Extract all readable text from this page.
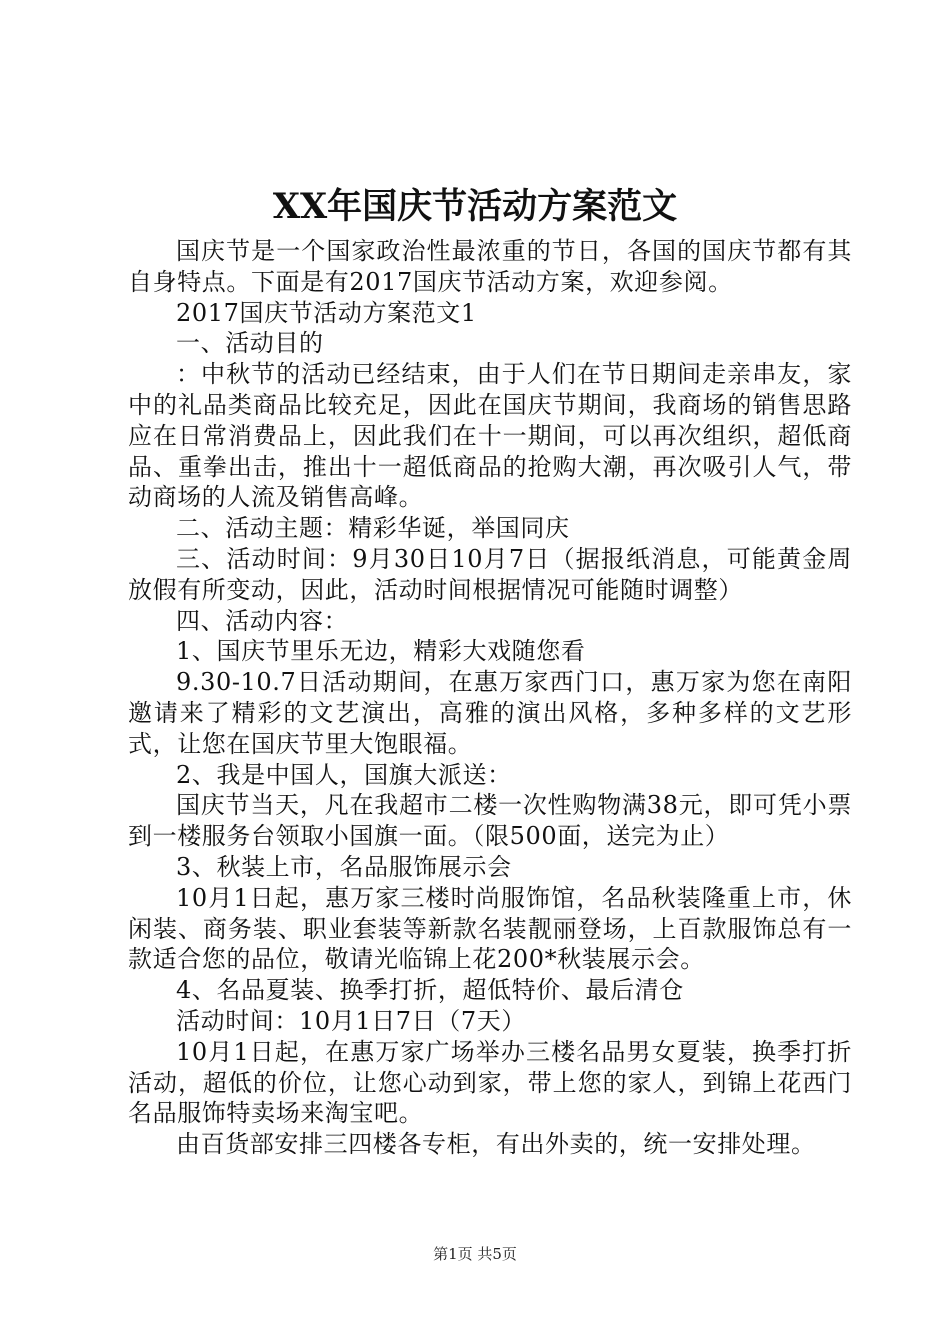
XX年国庆节活动方案范文

国庆节是一个国家政治性最浓重的节日，各国的国庆节都有其自身特点。下面是有2017国庆节活动方案，欢迎参阅。

2017国庆节活动方案范文1

一、活动目的

：中秋节的活动已经结束，由于人们在节日期间走亲串友，家中的礼品类商品比较充足，因此在国庆节期间，我商场的销售思路应在日常消费品上，因此我们在十一期间，可以再次组织，超低商品、重拳出击，推出十一超低商品的抢购大潮，再次吸引人气，带动商场的人流及销售高峰。

二、活动主题：精彩华诞，举国同庆

三、活动时间：9月30日10月7日（据报纸消息，可能黄金周放假有所变动，因此，活动时间根据情况可能随时调整）

四、活动内容：

1、国庆节里乐无边，精彩大戏随您看

9.30-10.7日活动期间，在惠万家西门口，惠万家为您在南阳邀请来了精彩的文艺演出，高雅的演出风格，多种多样的文艺形式，让您在国庆节里大饱眼福。

2、我是中国人，国旗大派送：

国庆节当天，凡在我超市二楼一次性购物满38元，即可凭小票到一楼服务台领取小国旗一面。（限500面，送完为止）

3、秋装上市，名品服饰展示会

10月1日起，惠万家三楼时尚服饰馆，名品秋装隆重上市，休闲装、商务装、职业套装等新款名装靓丽登场，上百款服饰总有一款适合您的品位，敬请光临锦上花200*秋装展示会。

4、名品夏装、换季打折，超低特价、最后清仓

活动时间：10月1日7日（7天）

10月1日起，在惠万家广场举办三楼名品男女夏装，换季打折活动，超低的价位，让您心动到家，带上您的家人，到锦上花西门名品服饰特卖场来淘宝吧。

由百货部安排三四楼各专柜，有出外卖的，统一安排处理。

第1页 共5页
